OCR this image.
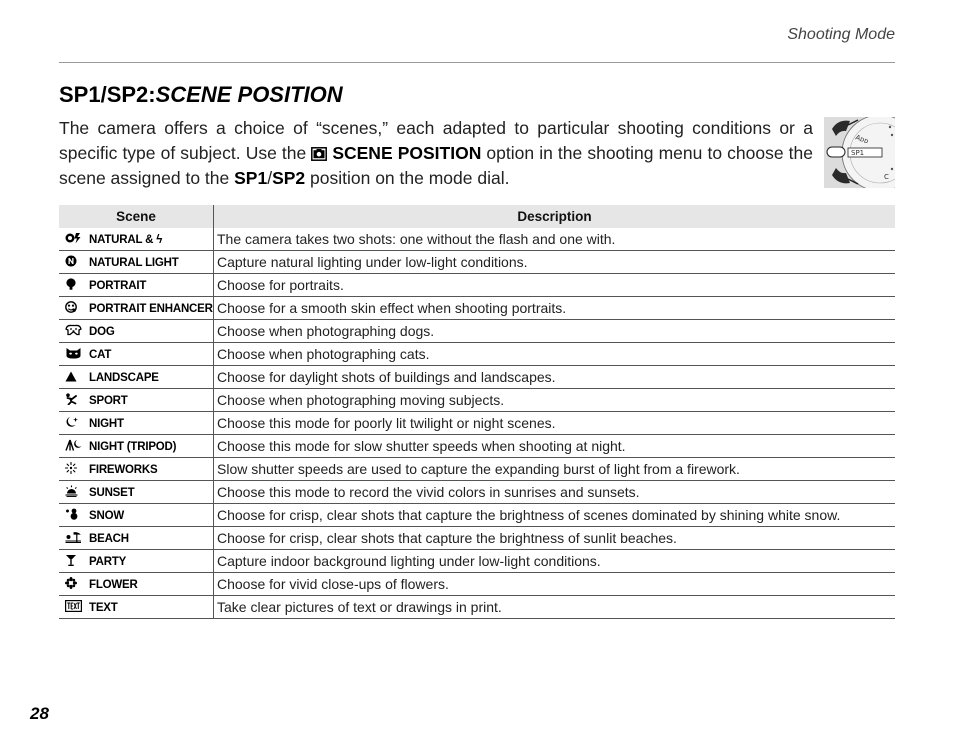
Shooting Mode
SP1/SP2:SCENE POSITION

The camera offers a choice of “scenes,” each adapted to particular shooting conditions or a specific type of subject. Use the SCENE POSITION option in the shooting menu to choose the scene assigned to the SP1/SP2 position on the mode dial.

SP1
Aᴅᴅ
C
Scene	Description

NATURAL & ϟ	The camera takes two shots: one without the flash and one with.

NATURAL LIGHT	Capture natural lighting under low-light conditions.

PORTRAIT	Choose for portraits.

PORTRAIT ENHANCER	Choose for a smooth skin effect when shooting portraits.

DOG	Choose when photographing dogs.

CAT	Choose when photographing cats.

LANDSCAPE	Choose for daylight shots of buildings and landscapes.

SPORT	Choose when photographing moving subjects.

NIGHT	Choose this mode for poorly lit twilight or night scenes.

NIGHT (TRIPOD)	Choose this mode for slow shutter speeds when shooting at night.

FIREWORKS	Slow shutter speeds are used to capture the expanding burst of light from a firework.

SUNSET	Choose this mode to record the vivid colors in sunrises and sunsets.

SNOW	Choose for crisp, clear shots that capture the brightness of scenes dominated by shining white snow.

BEACH	Choose for crisp, clear shots that capture the brightness of sunlit beaches.

PARTY	Capture indoor background lighting under low-light conditions.

FLOWER	Choose for vivid close-ups of flowers.

TEXT	Take clear pictures of text or drawings in print.
28
